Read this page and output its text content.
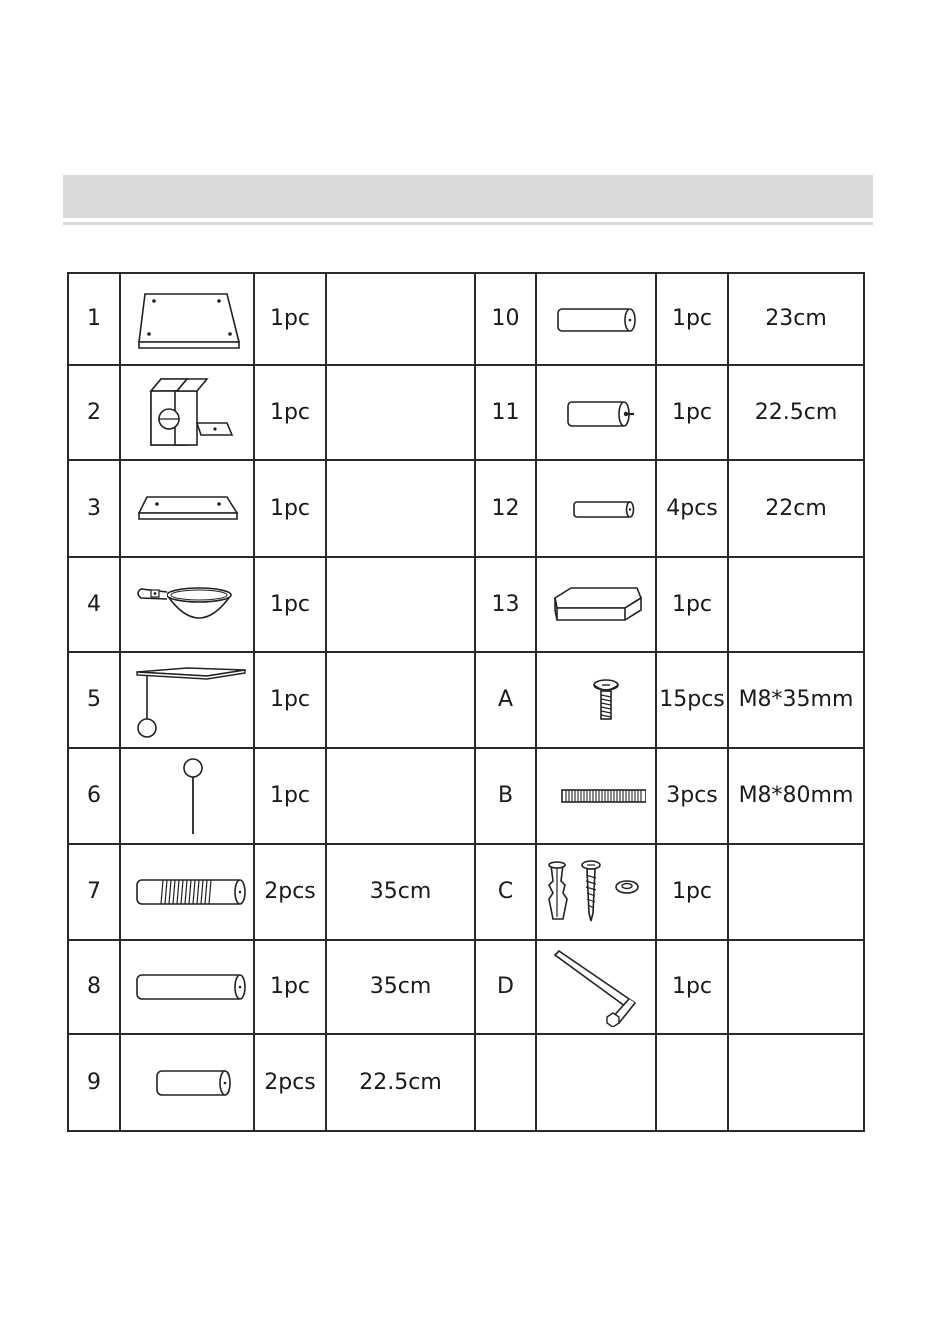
1		1pc		10		1pc	23cm
2		1pc		11		1pc	22.5cm
3		1pc		12		4pcs	22cm
4		1pc		13		1pc	
5		1pc		A		15pcs	M8*35mm
6		1pc		B		3pcs	M8*80mm
7		2pcs	35cm	C		1pc	
8		1pc	35cm	D		1pc	
9		2pcs	22.5cm				
